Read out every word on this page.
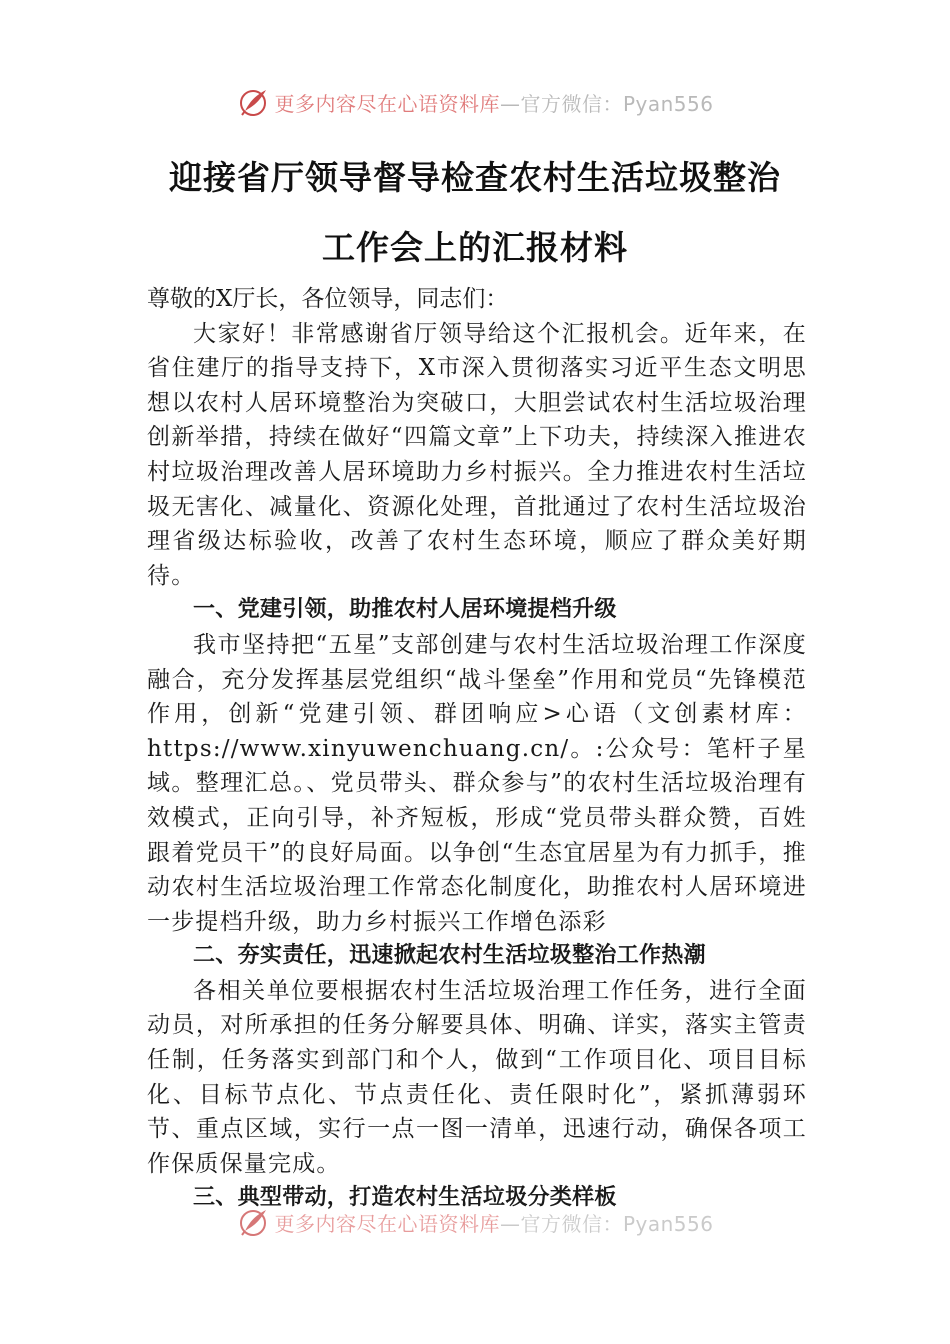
更多内容尽在心语资料库—官方微信：Pyan556
迎接省厅领导督导检查农村生活垃圾整治
工作会上的汇报材料

尊敬的X厅长，各位领导，同志们：

大家好！非常感谢省厅领导给这个汇报机会。近年来，在省住建厅的指导支持下，X市深入贯彻落实习近平生态文明思想以农村人居环境整治为突破口，大胆尝试农村生活垃圾治理创新举措，持续在做好“四篇文章”上下功夫，持续深入推进农村垃圾治理改善人居环境助力乡村振兴。全力推进农村生活垃圾无害化、减量化、资源化处理，首批通过了农村生活垃圾治理省级达标验收，改善了农村生态环境，顺应了群众美好期待。

一、党建引领，助推农村人居环境提档升级

我市坚持把“五星”支部创建与农村生活垃圾治理工作深度融合，充分发挥基层党组织“战斗堡垒”作用和党员“先锋模范作用，创新“党建引领、群团响应>心语（文创素材库：https://www.xinyuwenchuang.cn/。:公众号：笔杆子星域。整理汇总。、党员带头、群众参与”的农村生活垃圾治理有效模式，正向引导，补齐短板，形成“党员带头群众赞，百姓跟着党员干”的良好局面。以争创“生态宜居星为有力抓手，推动农村生活垃圾治理工作常态化制度化，助推农村人居环境进一步提档升级，助力乡村振兴工作增色添彩

二、夯实责任，迅速掀起农村生活垃圾整治工作热潮

各相关单位要根据农村生活垃圾治理工作任务，进行全面动员，对所承担的任务分解要具体、明确、详实，落实主管责任制，任务落实到部门和个人，做到“工作项目化、项目目标化、目标节点化、节点责任化、责任限时化”，紧抓薄弱环节、重点区域，实行一点一图一清单，迅速行动，确保各项工作保质保量完成。

三、典型带动，打造农村生活垃圾分类样板

更多内容尽在心语资料库—官方微信：Pyan556
